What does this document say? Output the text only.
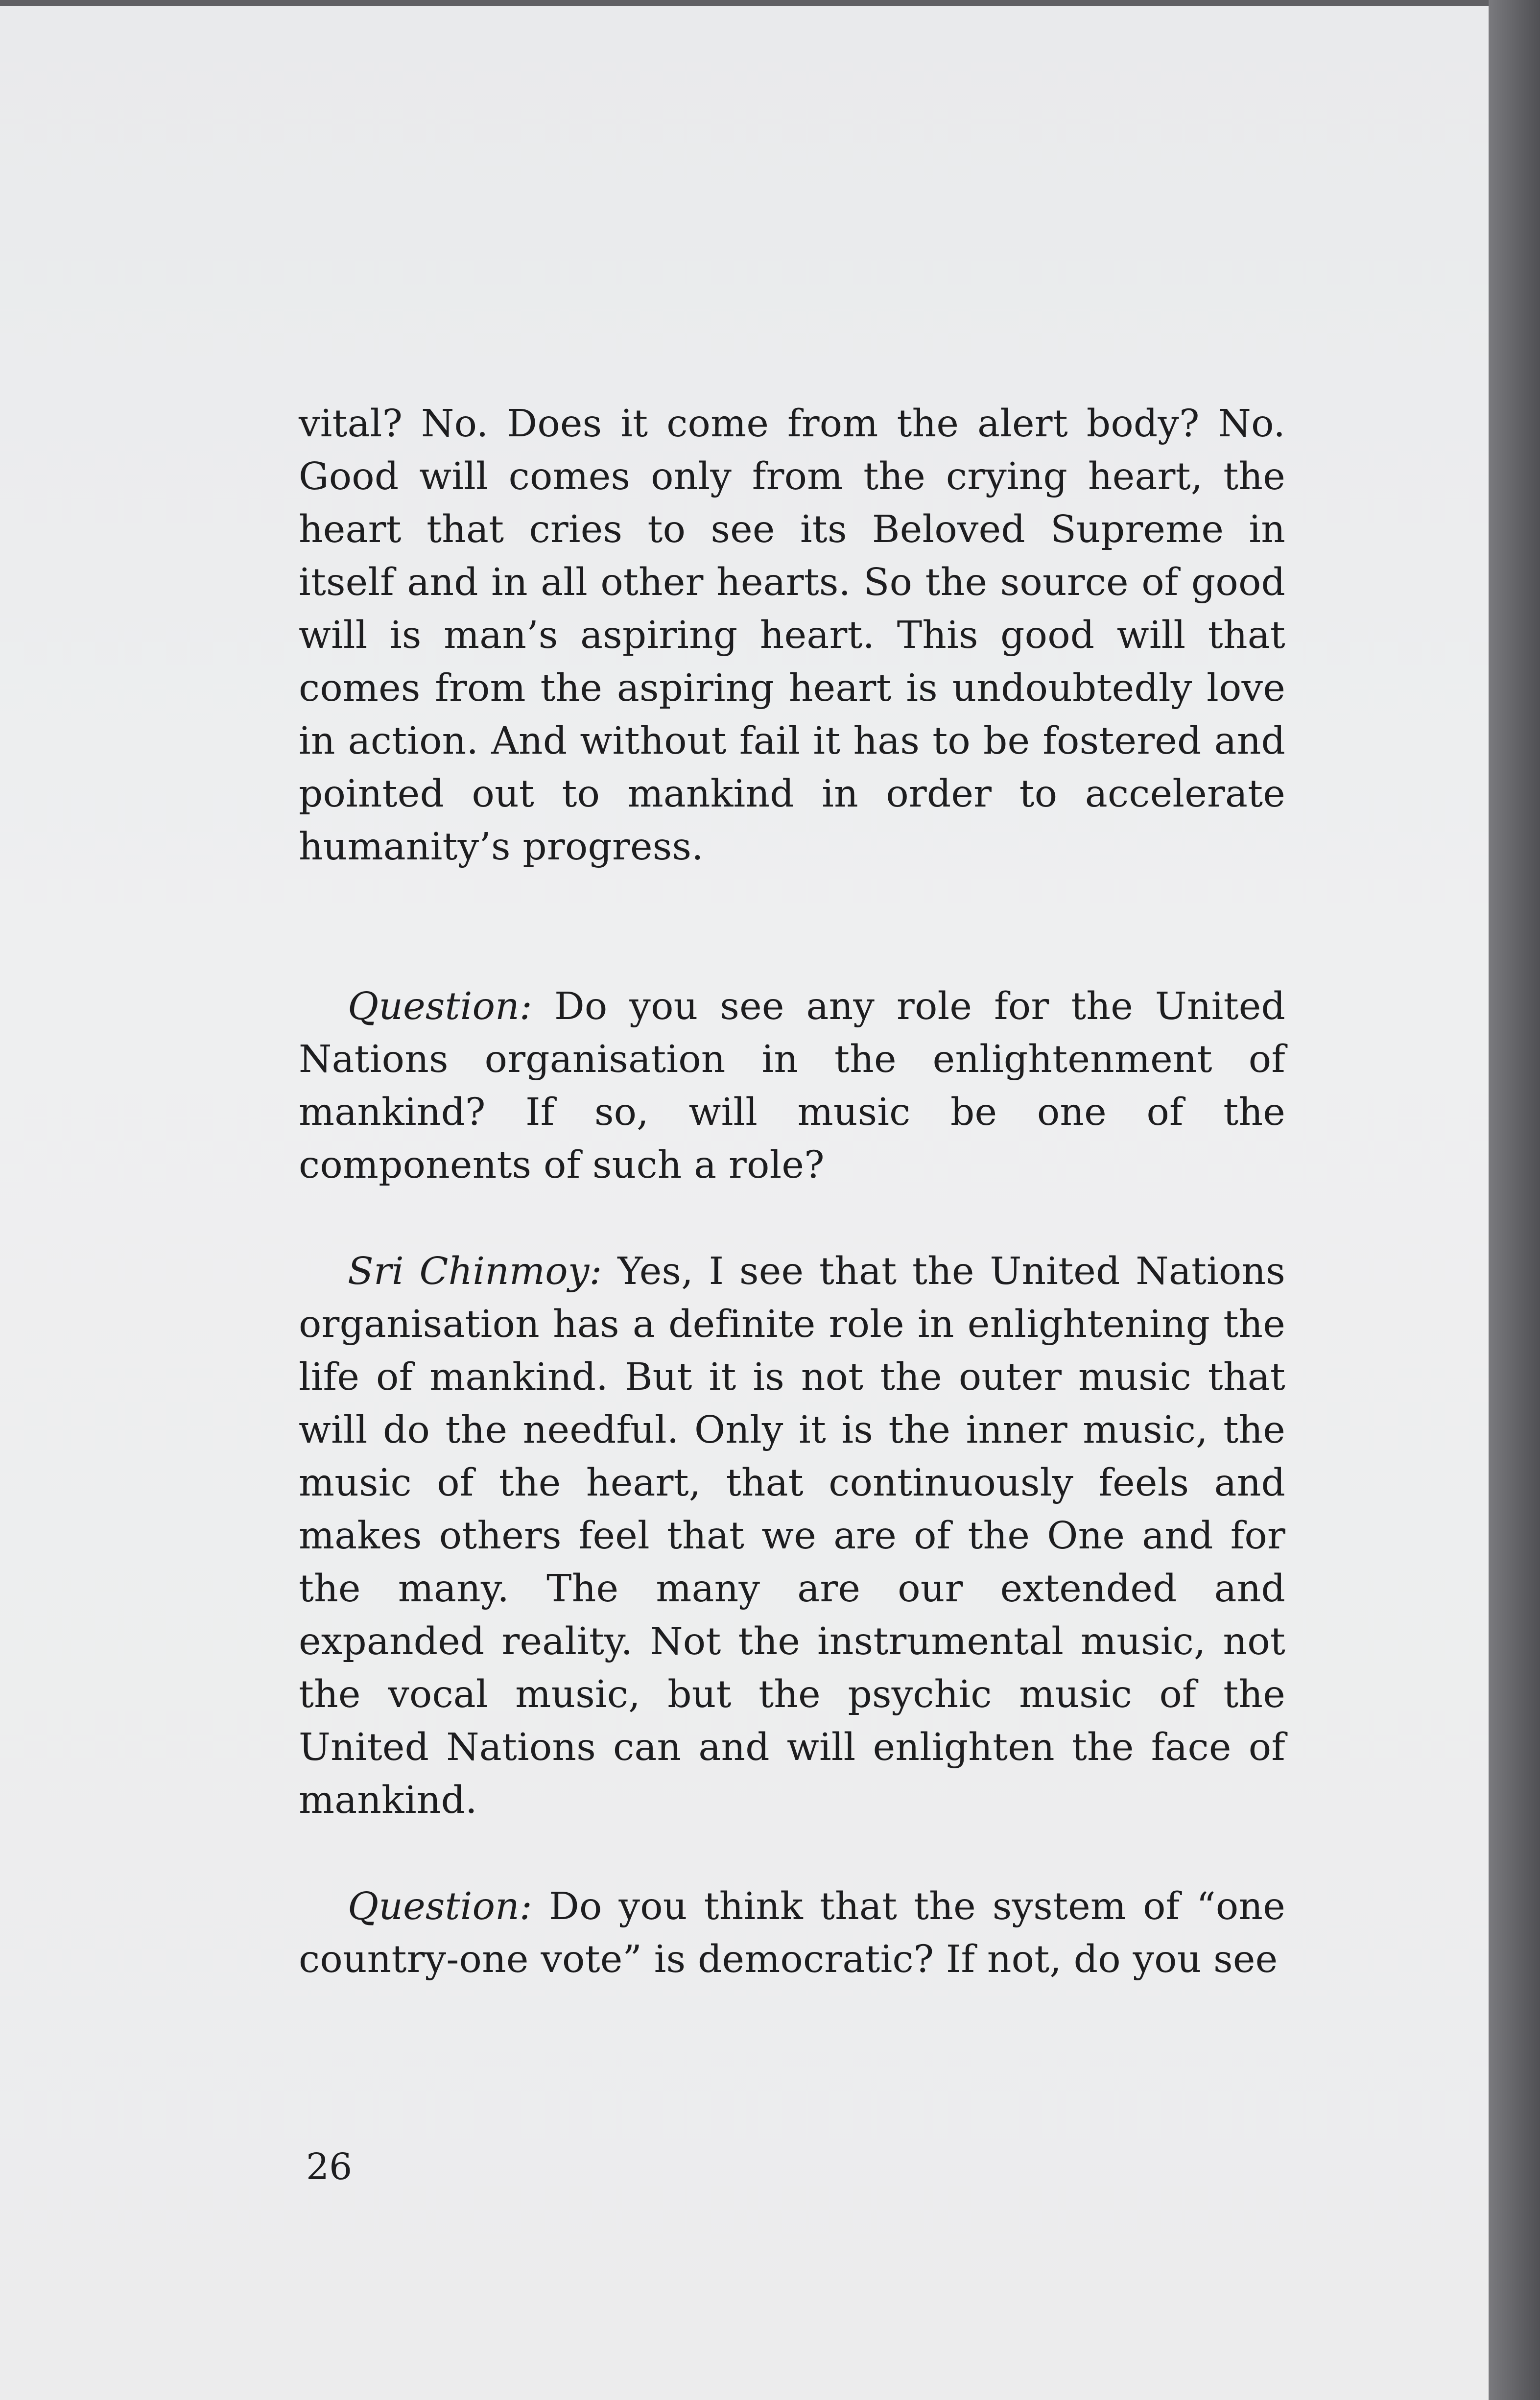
vital? No. Does it come from the alert body? No. Good will comes only from the crying heart, the heart that cries to see its Beloved Supreme in itself and in all other hearts. So the source of good will is man’s aspiring heart. This good will that comes from the aspiring heart is undoubtedly love in action. And without fail it has to be fostered and pointed out to mankind in order to accelerate humanity’s progress.

Question: Do you see any role for the United Nations organisation in the enlightenment of mankind? If so, will music be one of the components of such a role?

Sri Chinmoy: Yes, I see that the United Nations organisation has a definite role in enlightening the life of mankind. But it is not the outer music that will do the needful. Only it is the inner music, the music of the heart, that continuously feels and makes others feel that we are of the One and for the many. The many are our extended and expanded reality. Not the instrumental music, not the vocal music, but the psychic music of the United Nations can and will enlighten the face of mankind.

Question: Do you think that the system of “one country-one vote” is democratic? If not, do you see

26
